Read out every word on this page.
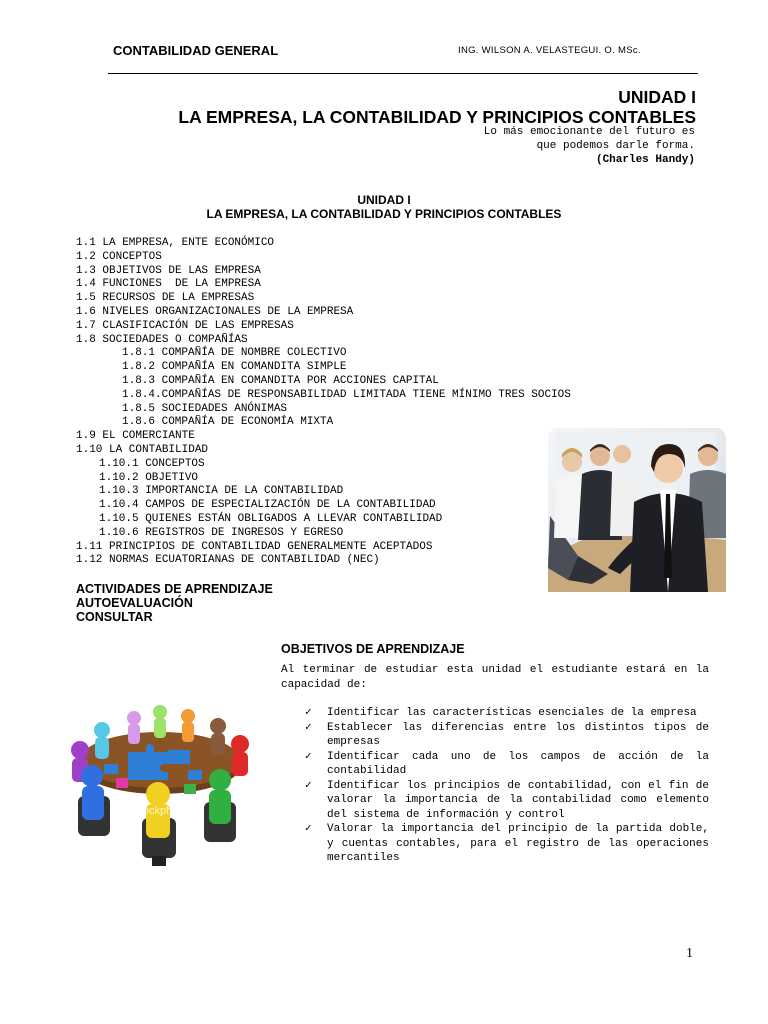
CONTABILIDAD GENERAL	ING. WILSON A. VELASTEGUI. O. MSc.
UNIDAD I
LA EMPRESA, LA CONTABILIDAD Y PRINCIPIOS CONTABLES
Lo más emocionante del futuro es
que podemos darle forma.
(Charles Handy)
UNIDAD I
LA EMPRESA, LA CONTABILIDAD Y PRINCIPIOS CONTABLES
1.1 LA EMPRESA, ENTE ECONÓMICO
1.2 CONCEPTOS
1.3 OBJETIVOS DE LAS EMPRESA
1.4 FUNCIONES  DE LA EMPRESA
1.5 RECURSOS DE LA EMPRESAS
1.6 NIVELES ORGANIZACIONALES DE LA EMPRESA
1.7 CLASIFICACIÓN DE LAS EMPRESAS
1.8 SOCIEDADES O COMPAÑÍAS
1.8.1 COMPAÑÍA DE NOMBRE COLECTIVO
1.8.2 COMPAÑÍA EN COMANDITA SIMPLE
1.8.3 COMPAÑÍA EN COMANDITA POR ACCIONES CAPITAL
1.8.4.COMPAÑÍAS DE RESPONSABILIDAD LIMITADA TIENE MÍNIMO TRES SOCIOS
1.8.5 SOCIEDADES ANÓNIMAS
1.8.6 COMPAÑÍA DE ECONOMÍA MIXTA
1.9 EL COMERCIANTE
1.10 LA CONTABILIDAD
1.10.1 CONCEPTOS
1.10.2 OBJETIVO
1.10.3 IMPORTANCIA DE LA CONTABILIDAD
1.10.4 CAMPOS DE ESPECIALIZACIÓN DE LA CONTABILIDAD
1.10.5 QUIENES ESTÁN OBLIGADOS A LLEVAR CONTABILIDAD
1.10.6 REGISTROS DE INGRESOS Y EGRESO
1.11 PRINCIPIOS DE CONTABILIDAD GENERALMENTE ACEPTADOS
1.12 NORMAS ECUATORIANAS DE CONTABILIDAD (NEC)
ACTIVIDADES DE APRENDIZAJE
AUTOEVALUACIÓN
CONSULTAR
OBJETIVOS DE APRENDIZAJE
Al terminar de estudiar esta unidad el estudiante estará en la capacidad de:
✓ Identificar las características esenciales de la empresa
✓ Establecer las diferencias entre los distintos tipos de empresas
✓ Identificar cada uno de los campos de acción de la contabilidad
✓ Identificar los principios de contabilidad, con el fin de valorar la importancia de la contabilidad como elemento del sistema de información y control
✓ Valorar la importancia del principio de la partida doble, y cuentas contables, para el registro de las operaciones mercantiles
iStockphoto
1
